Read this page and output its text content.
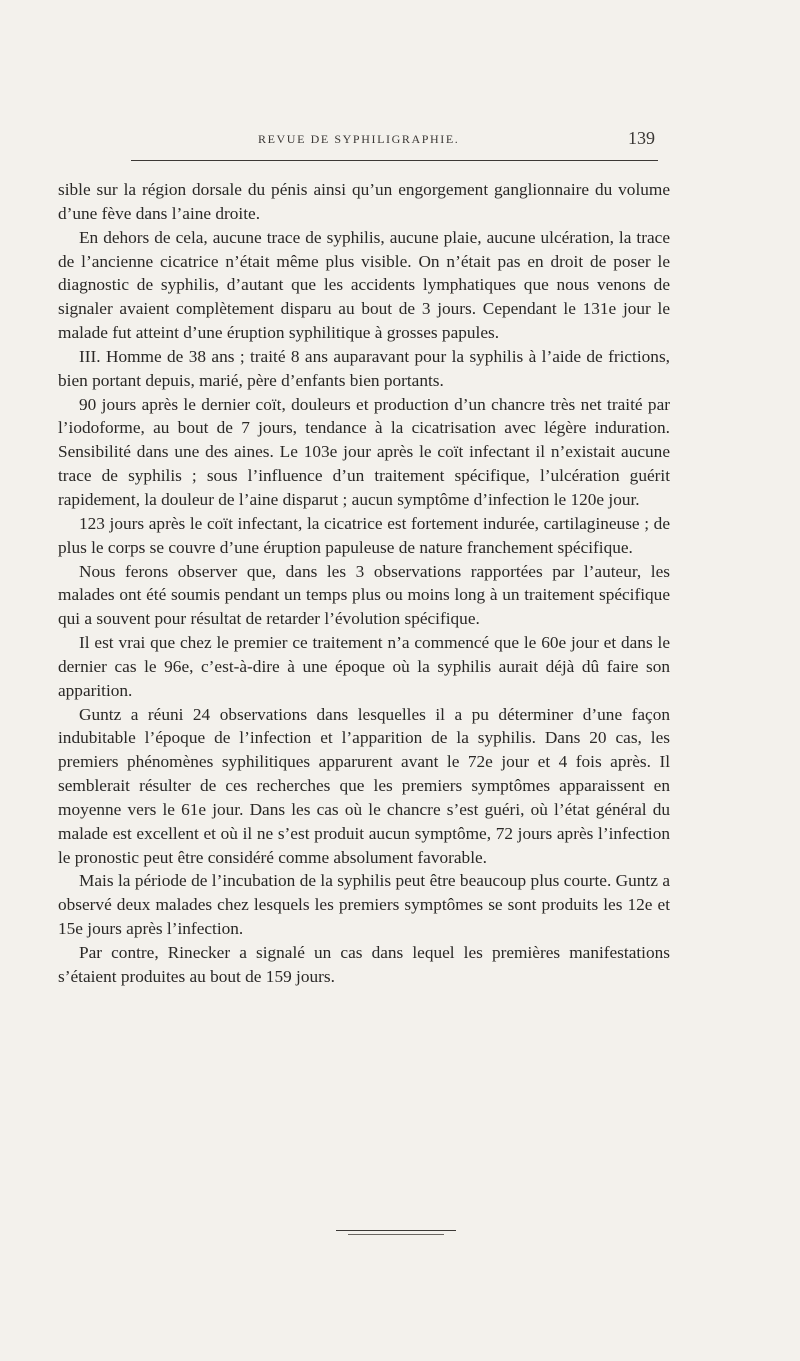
REVUE DE SYPHILIGRAPHIE.	139

sible sur la région dorsale du pénis ainsi qu’un engorgement ganglionnaire du volume d’une fève dans l’aine droite.

En dehors de cela, aucune trace de syphilis, aucune plaie, aucune ulcération, la trace de l’ancienne cicatrice n’était même plus visible. On n’était pas en droit de poser le diagnostic de syphilis, d’autant que les accidents lymphatiques que nous venons de signaler avaient complètement disparu au bout de 3 jours. Cependant le 131e jour le malade fut atteint d’une éruption syphilitique à grosses papules.

III. Homme de 38 ans ; traité 8 ans auparavant pour la syphilis à l’aide de frictions, bien portant depuis, marié, père d’enfants bien portants.

90 jours après le dernier coït, douleurs et production d’un chancre très net traité par l’iodoforme, au bout de 7 jours, tendance à la cicatrisation avec légère induration. Sensibilité dans une des aines. Le 103e jour après le coït infectant il n’existait aucune trace de syphilis ; sous l’influence d’un traitement spécifique, l’ulcération guérit rapidement, la douleur de l’aine disparut ; aucun symptôme d’infection le 120e jour.

123 jours après le coït infectant, la cicatrice est fortement indurée, cartilagineuse ; de plus le corps se couvre d’une éruption papuleuse de nature franchement spécifique.

Nous ferons observer que, dans les 3 observations rapportées par l’auteur, les malades ont été soumis pendant un temps plus ou moins long à un traitement spécifique qui a souvent pour résultat de retarder l’évolution spécifique.

Il est vrai que chez le premier ce traitement n’a commencé que le 60e jour et dans le dernier cas le 96e, c’est-à-dire à une époque où la syphilis aurait déjà dû faire son apparition.

Guntz a réuni 24 observations dans lesquelles il a pu déterminer d’une façon indubitable l’époque de l’infection et l’apparition de la syphilis. Dans 20 cas, les premiers phénomènes syphilitiques apparurent avant le 72e jour et 4 fois après. Il semblerait résulter de ces recherches que les premiers symptômes apparaissent en moyenne vers le 61e jour. Dans les cas où le chancre s’est guéri, où l’état général du malade est excellent et où il ne s’est produit aucun symptôme, 72 jours après l’infection le pronostic peut être considéré comme absolument favorable.

Mais la période de l’incubation de la syphilis peut être beaucoup plus courte. Guntz a observé deux malades chez lesquels les premiers symptômes se sont produits les 12e et 15e jours après l’infection.

Par contre, Rinecker a signalé un cas dans lequel les premières manifestations s’étaient produites au bout de 159 jours.
